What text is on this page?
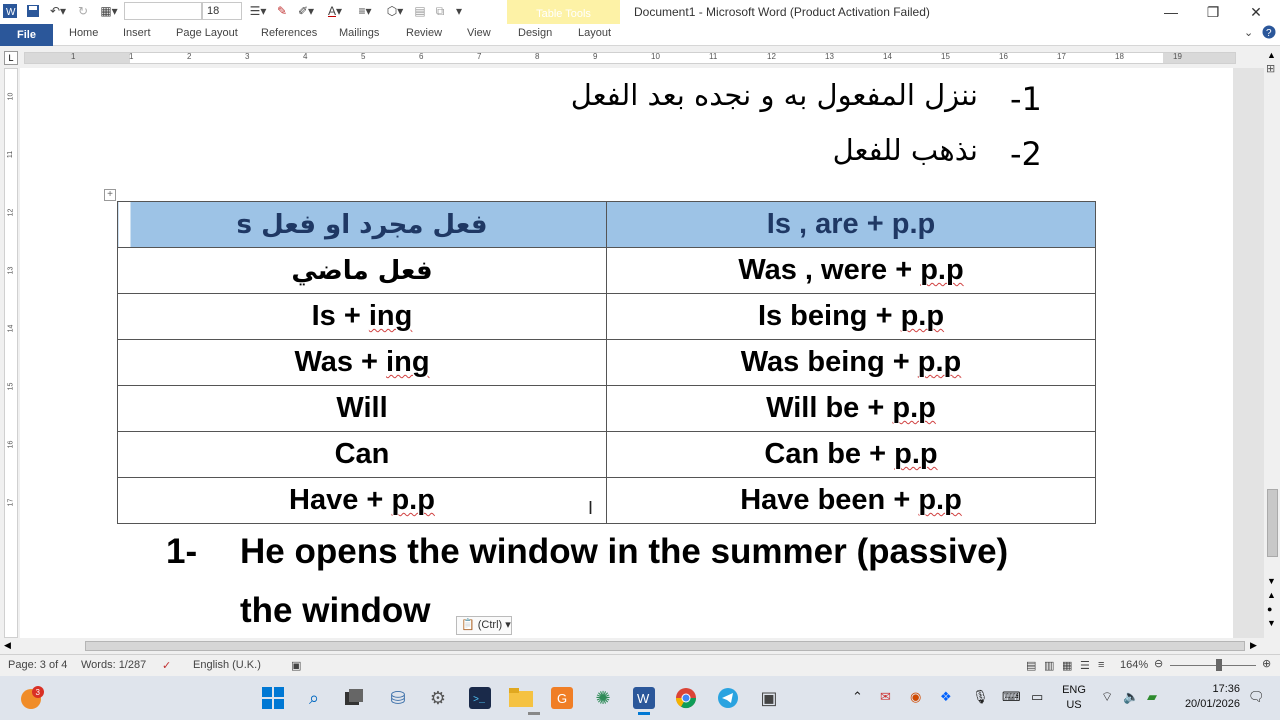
W	↶▾ ↻	▦▾	18	☰▾ ✎ ✐▾	A ▾	≡▾	⬡▾ ▤ ⧉ ▾	Table Tools	Document1 - Microsoft Word (Product Activation Failed)	—	❐	✕
File	Home Insert Page Layout References Mailings Review View Design Layout	⌄ ?
L	1	1	2	3	4	5	6	7	8	9	10	11	12	13	14	15	16	17	18	19
10
11
12
13
14
15
16
17
-1
ننزل المفعول به و نجده بعد الفعل
-2
نذهب للفعل
+
فعل مجرد او فعل s	Is , are + p.p
فعل ماضي	Was , were + p.p
Is + ing	Is being + p.p
Was + ing	Was being + p.p
Will	Will be + p.p
Can	Can be + p.p
Have + p.p	Have been + p.p
I
1- He opens the window in the summer (passive)
the window	📋 (Ctrl) ▾
▲
⊞
▼
▲
●
▼
◀	▶
Page: 3 of 4 Words: 1/287 ✓ English (U.K.)	▣	▤ ▥ ▦ ☰ ≡ 164% ⊖	⊕
3	⌕	⛁	⚙	>_	G	✺	W	▣	⌃ ✉ ◉ ❖ 🎙 ⌨ ▭ ENG
US
⌔ 🔈 ▰	17:36
20/01/2026 🗨
